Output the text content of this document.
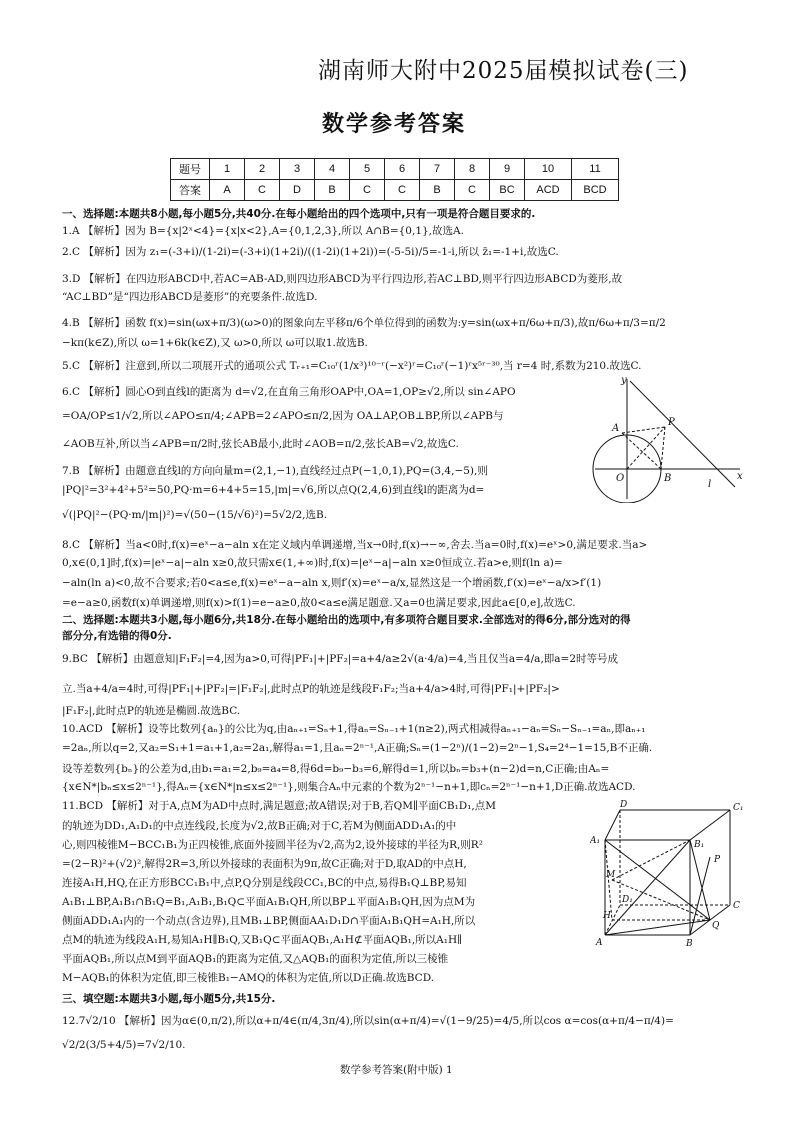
湖南师大附中2025届模拟试卷(三)
数学参考答案
题号	1	2	3	4	5	6	7	8	9	10	11
答案	A	C	D	B	C	C	B	C	BC	ACD	BCD
一、选择题:本题共8小题,每小题5分,共40分.在每小题给出的四个选项中,只有一项是符合题目要求的.
1.A 【解析】因为 B={x|2ˣ<4}={x|x<2},A={0,1,2,3},所以 A∩B={0,1},故选A.
2.C 【解析】因为 z₁=(-3+i)/(1-2i)=(-3+i)(1+2i)/((1-2i)(1+2i))=(-5-5i)/5=-1-i,所以 z̄₁=-1+i,故选C.
3.D 【解析】在四边形ABCD中,若AC=AB-AD,则四边形ABCD为平行四边形,若AC⊥BD,则平行四边形ABCD为菱形,故
“AC⊥BD”是“四边形ABCD是菱形”的充要条件.故选D.
4.B 【解析】函数 f(x)=sin(ωx+π/3)(ω>0)的图象向左平移π/6个单位得到的函数为:y=sin(ωx+π/6ω+π/3),故π/6ω+π/3=π/2
−kπ(k∈Z),所以 ω=1+6k(k∈Z),又 ω>0,所以 ω可以取1.故选B.
5.C 【解析】注意到,所以二项展开式的通项公式 Tᵣ₊₁=C₁₀ʳ(1/x³)¹⁰⁻ʳ(−x²)ʳ=C₁₀ʳ(−1)ʳx⁵ʳ⁻³⁰,当 r=4 时,系数为210.故选C.
6.C 【解析】圆心O到直线l的距离为 d=√2,在直角三角形OAP中,OA=1,OP≥√2,所以 sin∠APO
=OA/OP≤1/√2,所以∠APO≤π/4;∠APB=2∠APO≤π/2,因为 OA⊥AP,OB⊥BP,所以∠APB与
∠AOB互补,所以当∠APB=π/2时,弦长AB最小,此时∠AOB=π/2,弦长AB=√2,故选C.
7.B 【解析】由题意直线l的方向向量m=(2,1,−1),直线经过点P(−1,0,1),PQ=(3,4,−5),则
|PQ|²=3²+4²+5²=50,PQ·m=6+4+5=15,|m|=√6,所以点Q(2,4,6)到直线l的距离为d=
√(|PQ|²−(PQ·m/|m|)²)=√(50−(15/√6)²)=5√2/2,选B.
8.C 【解析】当a<0时,f(x)=eˣ−a−aln x在定义域内单调递增,当x→0时,f(x)→−∞,舍去.当a=0时,f(x)=eˣ>0,满足要求.当a>
0,x∈(0,1]时,f(x)=|eˣ−a|−aln x≥0,故只需x∈(1,+∞)时,f(x)=|eˣ−a|−aln x≥0恒成立.若a>e,则f(ln a)=
−aln(ln a)<0,故不合要求;若0<a≤e,f(x)=eˣ−a−aln x,则f′(x)=eˣ−a/x,显然这是一个增函数,f′(x)=eˣ−a/x>f′(1)
=e−a≥0,函数f(x)单调递增,则f(x)>f(1)=e−a≥0,故0<a≤e满足题意.又a=0也满足要求,因此a∈[0,e],故选C.
二、选择题:本题共3小题,每小题6分,共18分.在每小题给出的选项中,有多项符合题目要求.全部选对的得6分,部分选对的得
部分分,有选错的得0分.
9.BC 【解析】由题意知|F₁F₂|=4,因为a>0,可得|PF₁|+|PF₂|=a+4/a≥2√(a·4/a)=4,当且仅当a=4/a,即a=2时等号成
立.当a+4/a=4时,可得|PF₁|+|PF₂|=|F₁F₂|,此时点P的轨迹是线段F₁F₂;当a+4/a>4时,可得|PF₁|+|PF₂|>
|F₁F₂|,此时点P的轨迹是椭圆.故选BC.
10.ACD 【解析】设等比数列{aₙ}的公比为q,由aₙ₊₁=Sₙ+1,得aₙ=Sₙ₋₁+1(n≥2),两式相减得aₙ₊₁−aₙ=Sₙ−Sₙ₋₁=aₙ,即aₙ₊₁
=2aₙ,所以q=2,又a₂=S₁+1=a₁+1,a₂=2a₁,解得a₁=1,且aₙ=2ⁿ⁻¹,A正确;Sₙ=(1−2ⁿ)/(1−2)=2ⁿ−1,S₄=2⁴−1=15,B不正确.
设等差数列{bₙ}的公差为d,由b₁=a₁=2,b₉=a₄=8,得6d=b₉−b₃=6,解得d=1,所以bₙ=b₃+(n−2)d=n,C正确;由Aₙ=
{x∈N*|bₙ≤x≤2ⁿ⁻¹},得Aₙ={x∈N*|n≤x≤2ⁿ⁻¹},则集合Aₙ中元素的个数为2ⁿ⁻¹−n+1,即cₙ=2ⁿ⁻¹−n+1,D正确.故选ACD.
11.BCD 【解析】对于A,点M为AD中点时,满足题意;故A错误;对于B,若QM∥平面CB₁D₁,点M
的轨迹为DD₁,A₁D₁的中点连线段,长度为√2,故B正确;对于C,若M为侧面ADD₁A₁的中
心,则四棱锥M−BCC₁B₁为正四棱锥,底面外接圆半径为√2,高为2,设外接球的半径为R,则R²
=(2−R)²+(√2)²,解得2R=3,所以外接球的表面积为9π,故C正确;对于D,取AD的中点H,
连接A₁H,HQ,在正方形BCC₁B₁中,点P,Q分别是线段CC₁,BC的中点,易得B₁Q⊥BP,易知
A₁B₁⊥BP,A₁B₁∩B₁Q=B₁,A₁B₁,B₁Q⊂平面A₁B₁QH,所以BP⊥平面A₁B₁QH,因为点M为
侧面ADD₁A₁内的一个动点(含边界),且MB₁⊥BP,侧面AA₁D₁D∩平面A₁B₁QH=A₁H,所以
点M的轨迹为线段A₁H,易知A₁H∥B₁Q,又B₁Q⊂平面AQB₁,A₁H⊄平面AQB₁,所以A₁H∥
平面AQB₁,所以点M到平面AQB₁的距离为定值,又△AQB₁的面积为定值,所以三棱锥
M−AQB₁的体积为定值,即三棱锥B₁−AMQ的体积为定值,所以D正确.故选BCD.
三、填空题:本题共3小题,每小题5分,共15分.
12.7√2/10 【解析】因为α∈(0,π/2),所以α+π/4∈(π/4,3π/4),所以sin(α+π/4)=√(1−9/25)=4/5,所以cos α=cos(α+π/4−π/4)=
√2/2(3/5+4/5)=7√2/10.
y
A
P
O	B	x
l
D	C₁
A₁	B₁
M
H
D₁
P
C
A
Q
B
数学参考答案(附中版) 1
